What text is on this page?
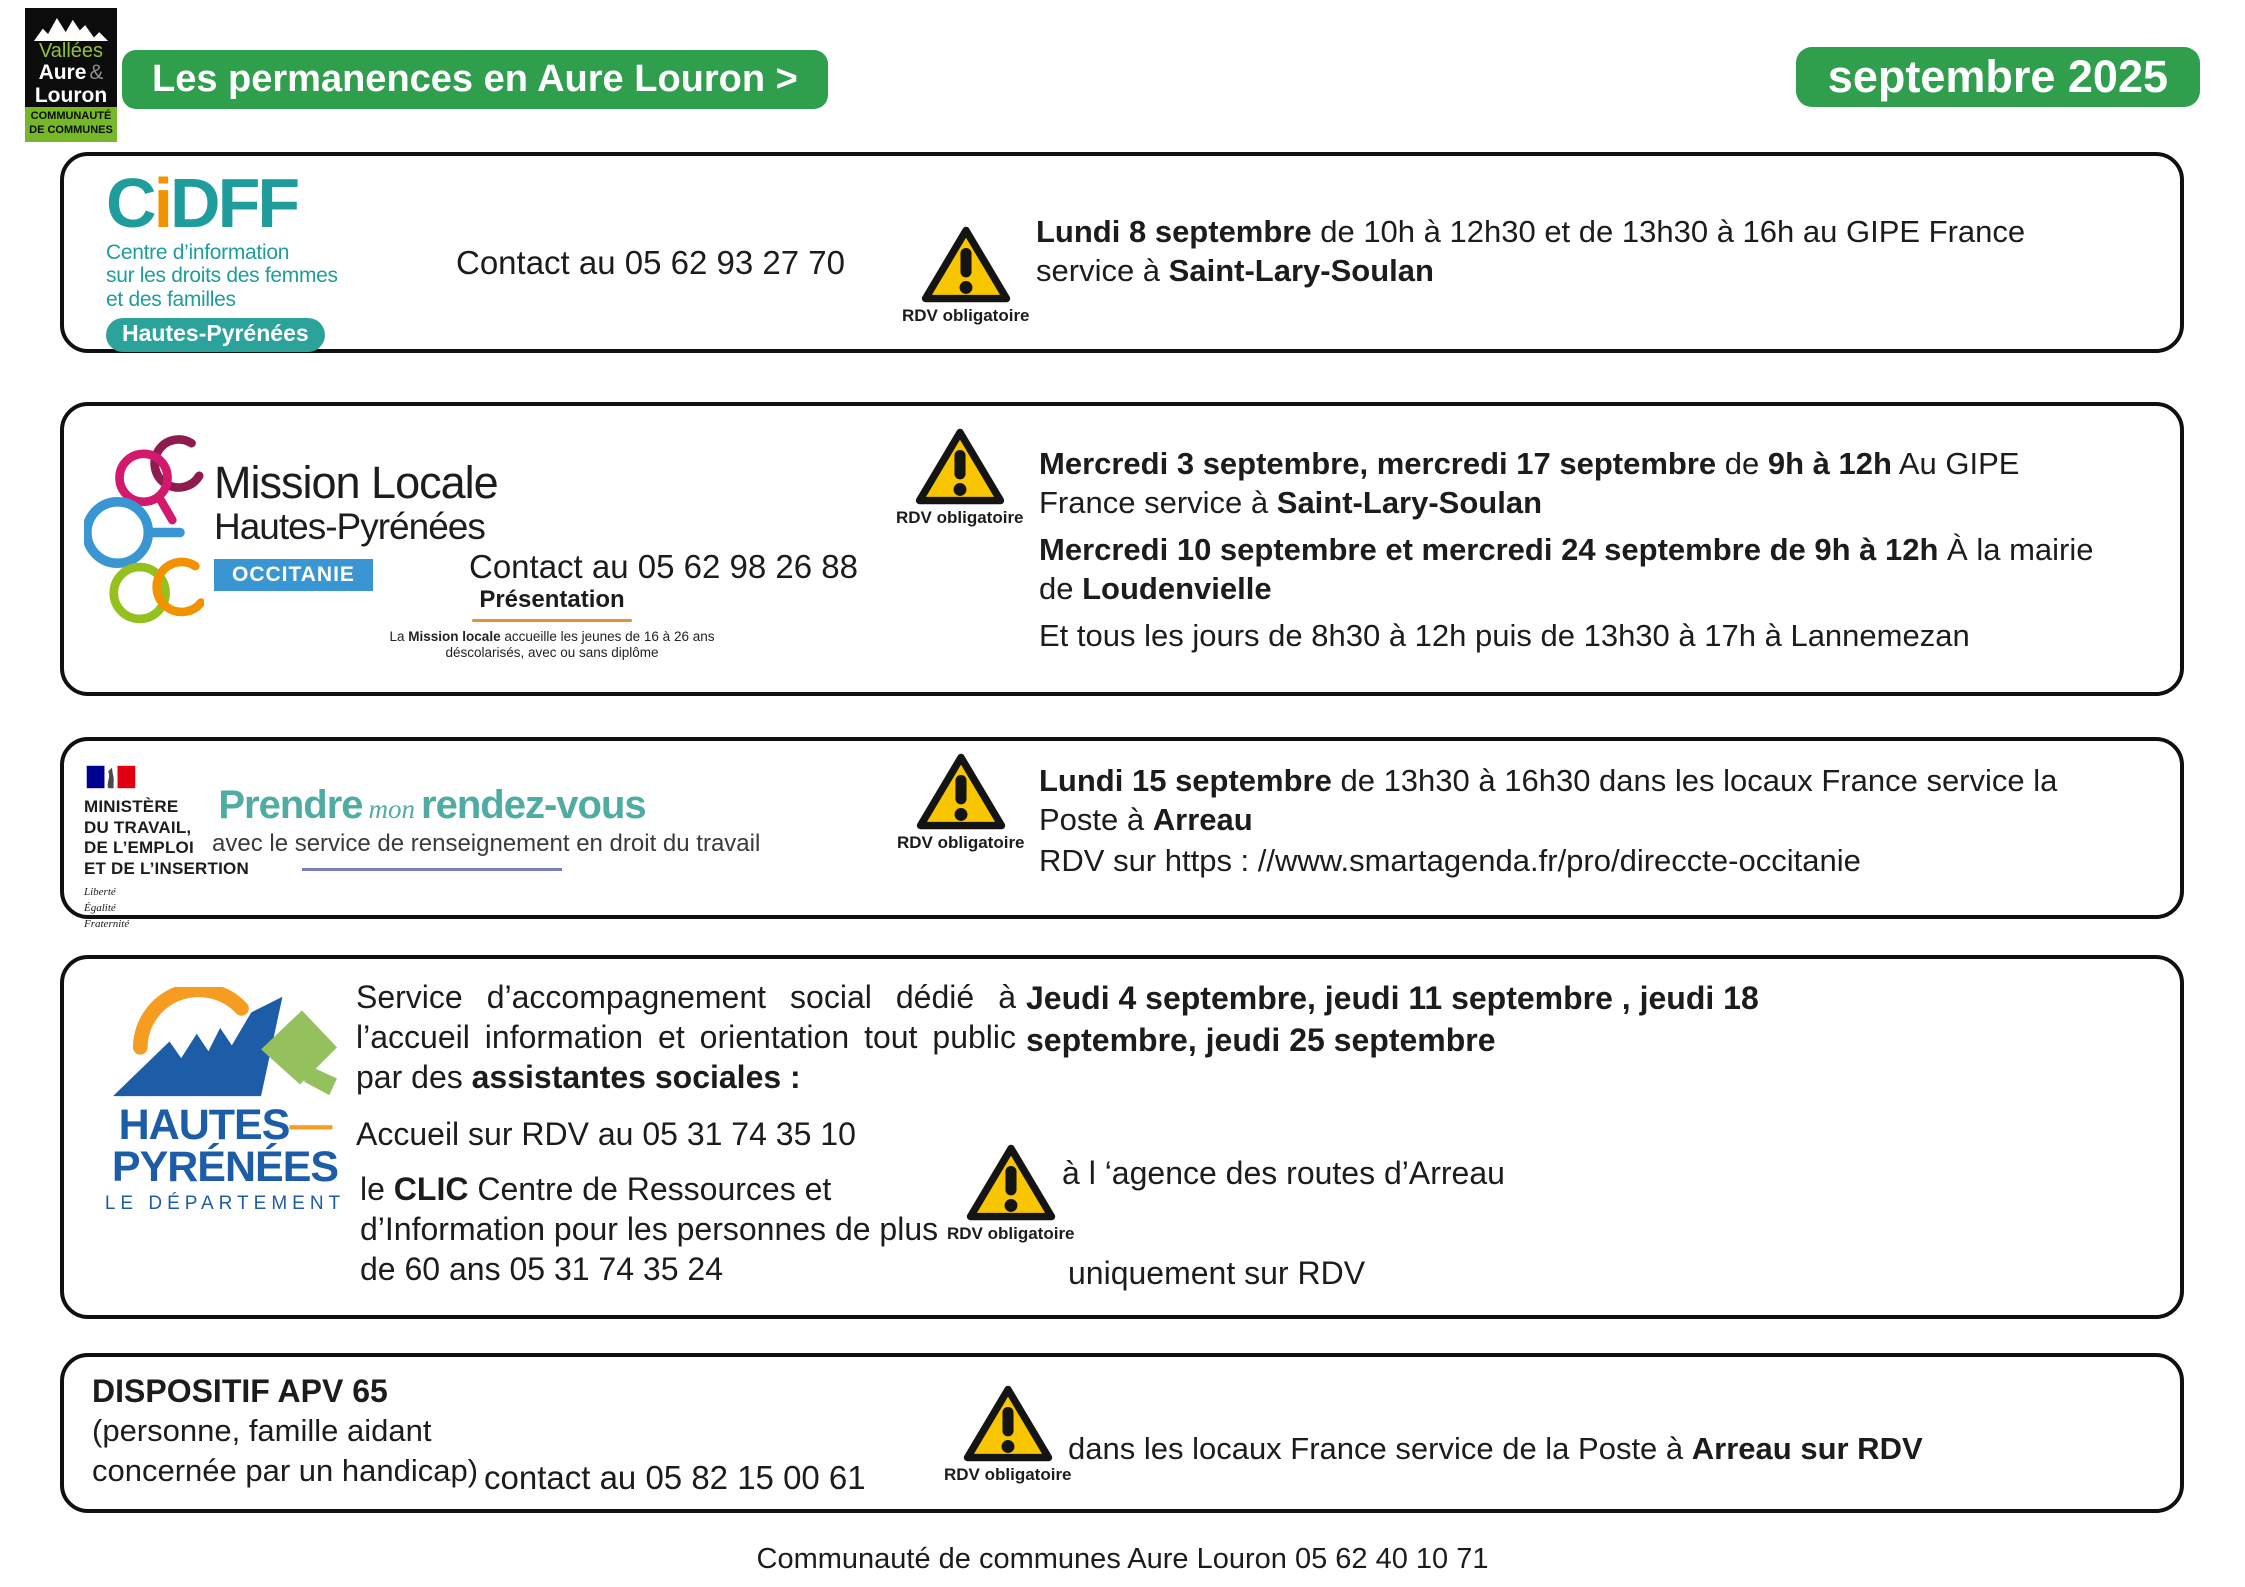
Vallées
Aure &
Louron
COMMUNAUTÉ
DE COMMUNES
Les permanences en Aure Louron >	septembre 2025
CiDFF
Centre d’information
sur les droits des femmes
et des familles
Hautes-Pyrénées
Contact au 05 62 93 27 70
RDV obligatoire
Lundi 8 septembre de 10h à 12h30 et de 13h30 à 16h au GIPE France service à Saint-Lary-Soulan
Mission Locale
Hautes-Pyrénées
OCCITANIE	Contact au 05 62 98 26 88
Présentation
La Mission locale accueille les jeunes de 16 à 26 ans déscolarisés, avec ou sans diplôme
RDV obligatoire

Mercredi 3 septembre, mercredi 17 septembre de 9h à 12h Au GIPE France service à Saint-Lary-Soulan

Mercredi 10 septembre et mercredi 24 septembre de 9h à 12h À la mairie de Loudenvielle

Et tous les jours de 8h30 à 12h puis de 13h30 à 17h à Lannemezan

MINISTÈRE
DU TRAVAIL,
DE L’EMPLOI
ET DE L’INSERTION
Liberté
Égalité
Fraternité
Prendre mon rendez-vous
avec le service de renseignement en droit du travail	RDV obligatoire

Lundi 15 septembre de 13h30 à 16h30 dans les locaux France service la Poste à Arreau

RDV sur https : //www.smartagenda.fr/pro/direccte-occitanie

HAUTES—
PYRÉNÉES
LE DÉPARTEMENT
Service d’accompagnement social dédié à l’accueil information et orientation tout public par des assistantes sociales :
Accueil sur RDV au 05 31 74 35 10
le CLIC Centre de Ressources et d’Information pour les personnes de plus de 60 ans 05 31 74 35 24
Jeudi 4 septembre, jeudi 11 septembre , jeudi 18 septembre, jeudi 25 septembre
RDV obligatoire
à l ‘agence des routes d’Arreau
uniquement sur RDV
DISPOSITIF APV 65
(personne, famille aidant
concernée par un handicap) contact au 05 82 15 00 61	RDV obligatoire
dans les locaux France service de la Poste à Arreau sur RDV
Communauté de communes Aure Louron 05 62 40 10 71
